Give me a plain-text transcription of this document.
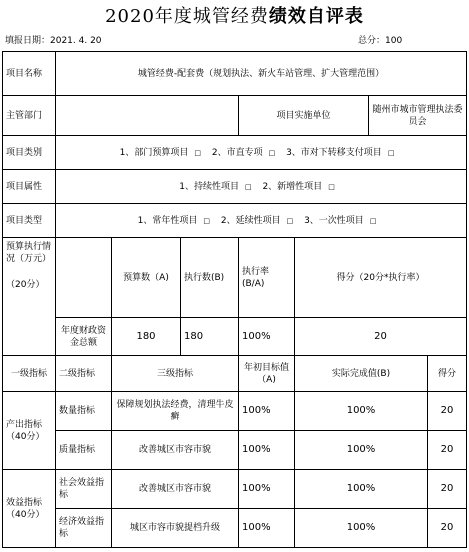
2020年度城管经费绩效自评表
填报日期：2021. 4. 20	总分：100
项目名称	城管经费-配套费（规划执法、新火车站管理、扩大管理范围）						
主管部门				项目实施单位		随州市城市管理执法委员会	
项目类别	1、部门预算项目 □ 2、市直专项 □ 3、市对下转移支付项目 □						
项目属性	1、持续性项目 □ 2、新增性项目 □						
项目类型	1、常年性项目 □ 2、延续性项目 □ 3、一次性项目 □						

预算执行情况（万元）
（20分）		预算数（A)	执行数(B)	执行率(B/A)	得分（20分*执行率）		
	年度财政资金总额	180	180	100%	20		
一级指标	二级指标	三级指标		年初目标值（A)	实际完成值(B)		得分
产出指标（40分）	数量指标	保障规划执法经费，清理牛皮癣		100%	100%		20
	质量指标	改善城区市容市貌		100%	100%		20
效益指标（40分）	社会效益指标	改善城区市容市貌		100%	100%		20
	经济效益指标	城区市容市貌提档升级		100%	100%		20
